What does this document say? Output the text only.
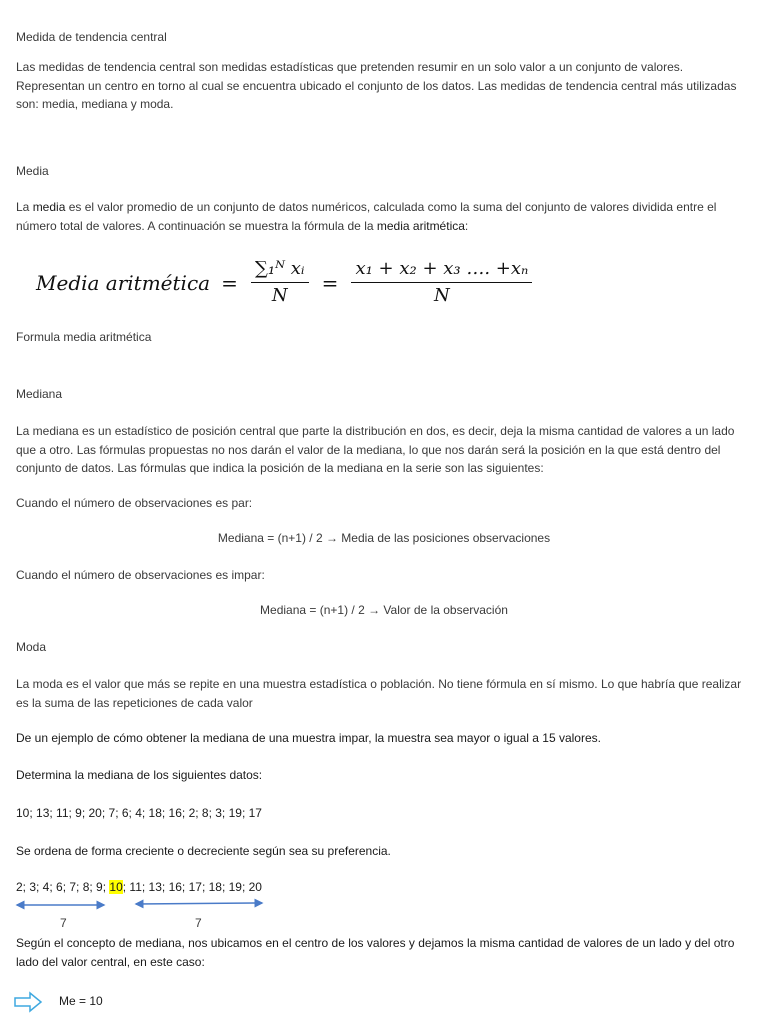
Medida de tendencia central
Las medidas de tendencia central son medidas estadísticas que pretenden resumir en un solo valor a un conjunto de valores. Representan un centro en torno al cual se encuentra ubicado el conjunto de los datos. Las medidas de tendencia central más utilizadas son: media, mediana y moda.
Media
La media es el valor promedio de un conjunto de datos numéricos, calculada como la suma del conjunto de valores dividida entre el número total de valores. A continuación se muestra la fórmula de la media aritmética:
Media aritmética = $\frac{\text{∑₁ᴺ xᵢ}}{N} = \frac{\text{x₁ + x₂ + x₃ …. +xₙ}}{N}$
Formula media aritmética
Mediana
La mediana es un estadístico de posición central que parte la distribución en dos, es decir, deja la misma cantidad de valores a un lado que a otro. Las fórmulas propuestas no nos darán el valor de la mediana, lo que nos darán será la posición en la que está dentro del conjunto de datos. Las fórmulas que indica la posición de la mediana en la serie son las siguientes:
Cuando el número de observaciones es par:
Mediana = (n+1) / 2 → Media de las posiciones observaciones
Cuando el número de observaciones es impar:
Mediana = (n+1) / 2 → Valor de la observación
Moda
La moda es el valor que más se repite en una muestra estadística o población. No tiene fórmula en sí mismo. Lo que habría que realizar es la suma de las repeticiones de cada valor
De un ejemplo de cómo obtener la mediana de una muestra impar, la muestra sea mayor o igual a 15 valores.
Determina la mediana de los siguientes datos:
10; 13; 11; 9; 20; 7; 6; 4; 18; 16; 2; 8; 3; 19; 17
Se ordena de forma creciente o decreciente según sea su preferencia.
2; 3; 4; 6; 7; 8; 9; 10; 11; 13; 16; 17; 18; 19; 20
7	7
Según el concepto de mediana, nos ubicamos en el centro de los valores y dejamos la misma cantidad de valores de un lado y del otro lado del valor central, en este caso:
Me = 10
